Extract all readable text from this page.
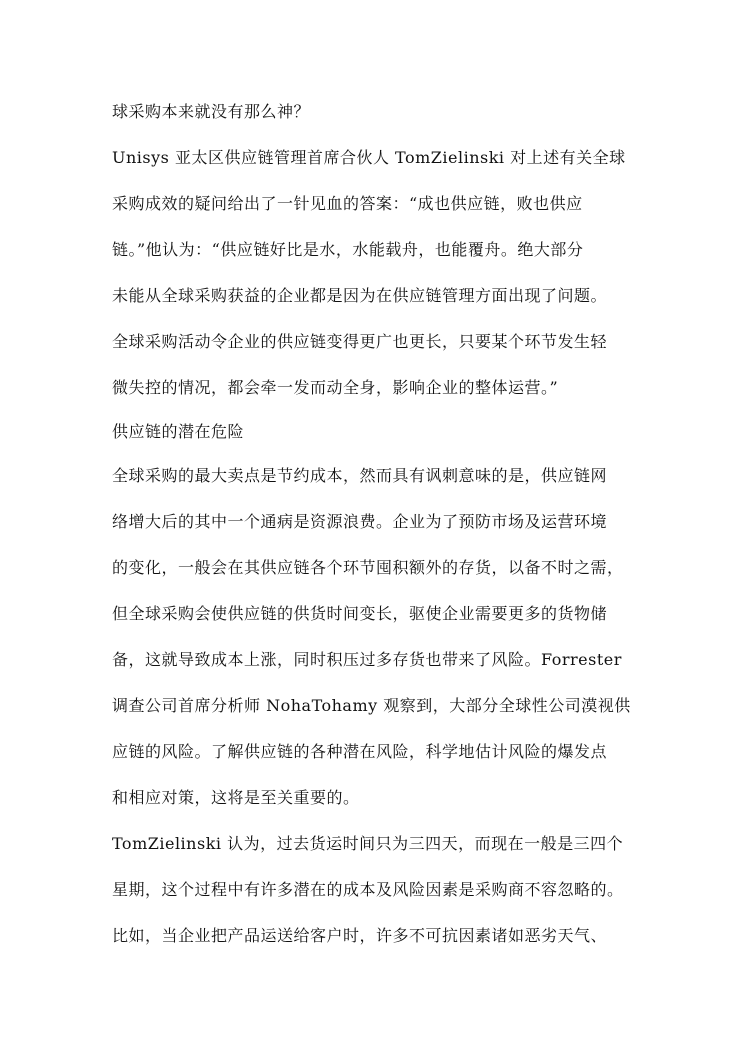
球采购本来就没有那么神？
Unisys 亚太区供应链管理首席合伙人 TomZielinski 对上述有关全球
采购成效的疑问给出了一针见血的答案：“成也供应链，败也供应
链。”他认为：“供应链好比是水，水能载舟，也能覆舟。绝大部分
未能从全球采购获益的企业都是因为在供应链管理方面出现了问题。
全球采购活动令企业的供应链变得更广也更长，只要某个环节发生轻
微失控的情况，都会牵一发而动全身，影响企业的整体运营。”
供应链的潜在危险
全球采购的最大卖点是节约成本，然而具有讽刺意味的是，供应链网
络增大后的其中一个通病是资源浪费。企业为了预防市场及运营环境
的变化，一般会在其供应链各个环节囤积额外的存货，以备不时之需，
但全球采购会使供应链的供货时间变长，驱使企业需要更多的货物储
备，这就导致成本上涨，同时积压过多存货也带来了风险。Forrester
调查公司首席分析师 NohaTohamy 观察到，大部分全球性公司漠视供
应链的风险。了解供应链的各种潜在风险，科学地估计风险的爆发点
和相应对策，这将是至关重要的。
TomZielinski 认为，过去货运时间只为三四天，而现在一般是三四个
星期，这个过程中有许多潜在的成本及风险因素是采购商不容忽略的。
比如，当企业把产品运送给客户时，许多不可抗因素诸如恶劣天气、
